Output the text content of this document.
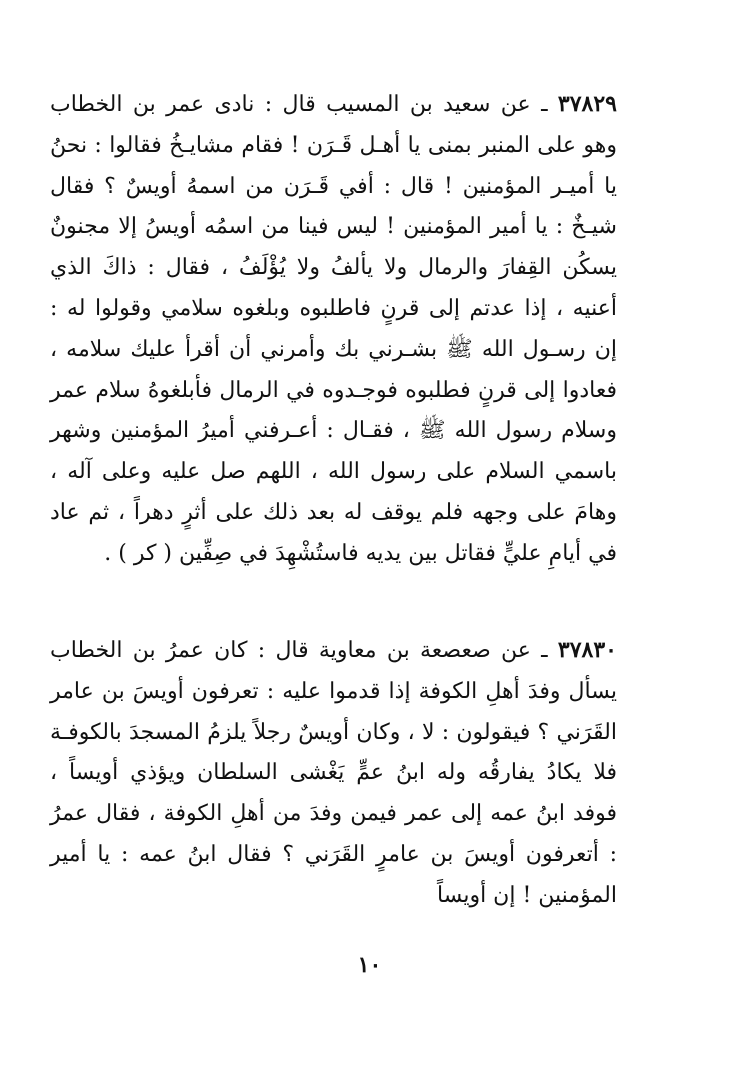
٣٧٨٢٩ ـ عن سعيد بن المسيب قال : نادى عمر بن الخطاب وهو على المنبر بمنى يا أهـل قَـرَن ! فقام مشايـخُ فقالوا : نحنُ يا أميـر المؤمنين ! قال : أفي قَـرَن من اسمهُ أويسٌ ؟ فقال شيـخٌ : يا أمير المؤمنين ! ليس فينا من اسمُه أويسُ إلا مجنونٌ يسكُن القِفارَ والرمال ولا يألفُ ولا يُؤْلَفُ ، فقال : ذاكَ الذي أعنيه ، إذا عدتم إلى قرنٍ فاطلبوه وبلغوه سلامي وقولوا له : إن رسـول الله ﷺ بشـرني بك وأمرني أن أقرأ عليك سلامه ، فعادوا إلى قرنٍ فطلبوه فوجـدوه في الرمال فأبلغوهُ سلام عمر وسلام رسول الله ﷺ ، فقـال : أعـرفني أميرُ المؤمنين وشهر باسمي السلام على رسول الله ، اللهم صل عليه وعلى آله ، وهامَ على وجهه فلم يوقف له بعد ذلك على أثرٍ دهراً ، ثم عاد في أيامِ عليٍّ فقاتل بين يديه فاستُشْهِدَ في صِفِّين ( كر ) .
٣٧٨٣٠ ـ عن صعصعة بن معاوية قال : كان عمرُ بن الخطاب يسأل وفدَ أهلِ الكوفة إذا قدموا عليه : تعرفون أويسَ بن عامر القَرَني ؟ فيقولون : لا ، وكان أويسٌ رجلاً يلزمُ المسجدَ بالكوفـة فلا يكادُ يفارقُه وله ابنُ عمٍّ يَغْشى السلطان ويؤذي أويساً ، فوفد ابنُ عمه إلى عمر فيمن وفدَ من أهلِ الكوفة ، فقال عمرُ : أتعرفون أويسَ بن عامرٍ القَرَني ؟ فقال ابنُ عمه : يا أمير المؤمنين ! إن أويساً
١٠
